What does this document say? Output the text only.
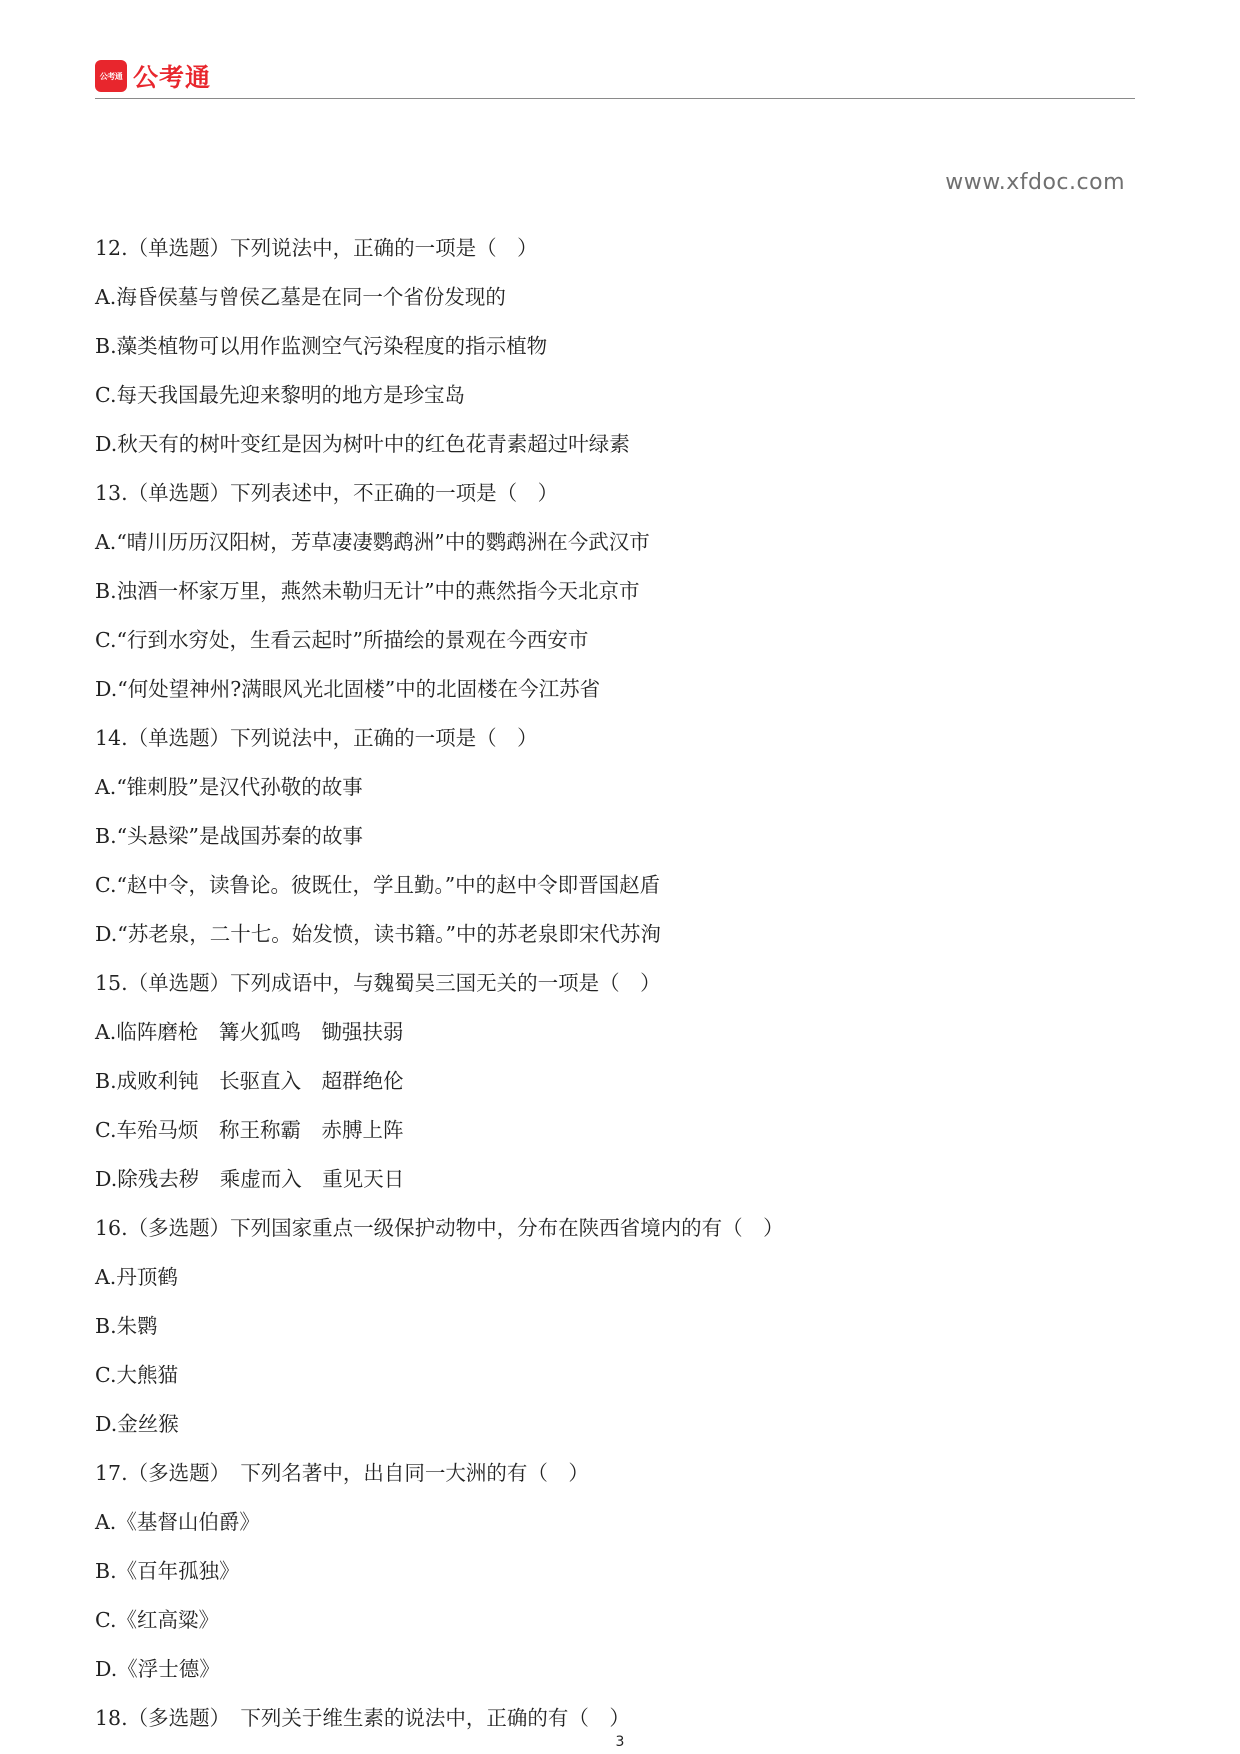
公考通 公考通
www.xfdoc.com
12.（单选题）下列说法中，正确的一项是（　）
A.海昏侯墓与曾侯乙墓是在同一个省份发现的
B.藻类植物可以用作监测空气污染程度的指示植物
C.每天我国最先迎来黎明的地方是珍宝岛
D.秋天有的树叶变红是因为树叶中的红色花青素超过叶绿素
13.（单选题）下列表述中，不正确的一项是（　）
A.“晴川历历汉阳树，芳草凄凄鹦鹉洲”中的鹦鹉洲在今武汉市
B.浊酒一杯家万里，燕然未勒归无计”中的燕然指今天北京市
C.“行到水穷处，生看云起时”所描绘的景观在今西安市
D.“何处望神州?满眼风光北固楼”中的北固楼在今江苏省
14.（单选题）下列说法中，正确的一项是（　）
A.“锥刺股”是汉代孙敬的故事
B.“头悬梁”是战国苏秦的故事
C.“赵中令，读鲁论。彼既仕，学且勤。”中的赵中令即晋国赵盾
D.“苏老泉，二十七。始发愤，读书籍。”中的苏老泉即宋代苏洵
15.（单选题）下列成语中，与魏蜀吴三国无关的一项是（　）
A.临阵磨枪　篝火狐鸣　锄强扶弱
B.成败利钝　长驱直入　超群绝伦
C.车殆马烦　称王称霸　赤膊上阵
D.除残去秽　乘虚而入　重见天日
16.（多选题）下列国家重点一级保护动物中，分布在陕西省境内的有（　）
A.丹顶鹤
B.朱鹮
C.大熊猫
D.金丝猴
17.（多选题）　下列名著中，出自同一大洲的有（　）
A.《基督山伯爵》
B.《百年孤独》
C.《红高粱》
D.《浮士德》
18.（多选题）　下列关于维生素的说法中，正确的有（　）
3
